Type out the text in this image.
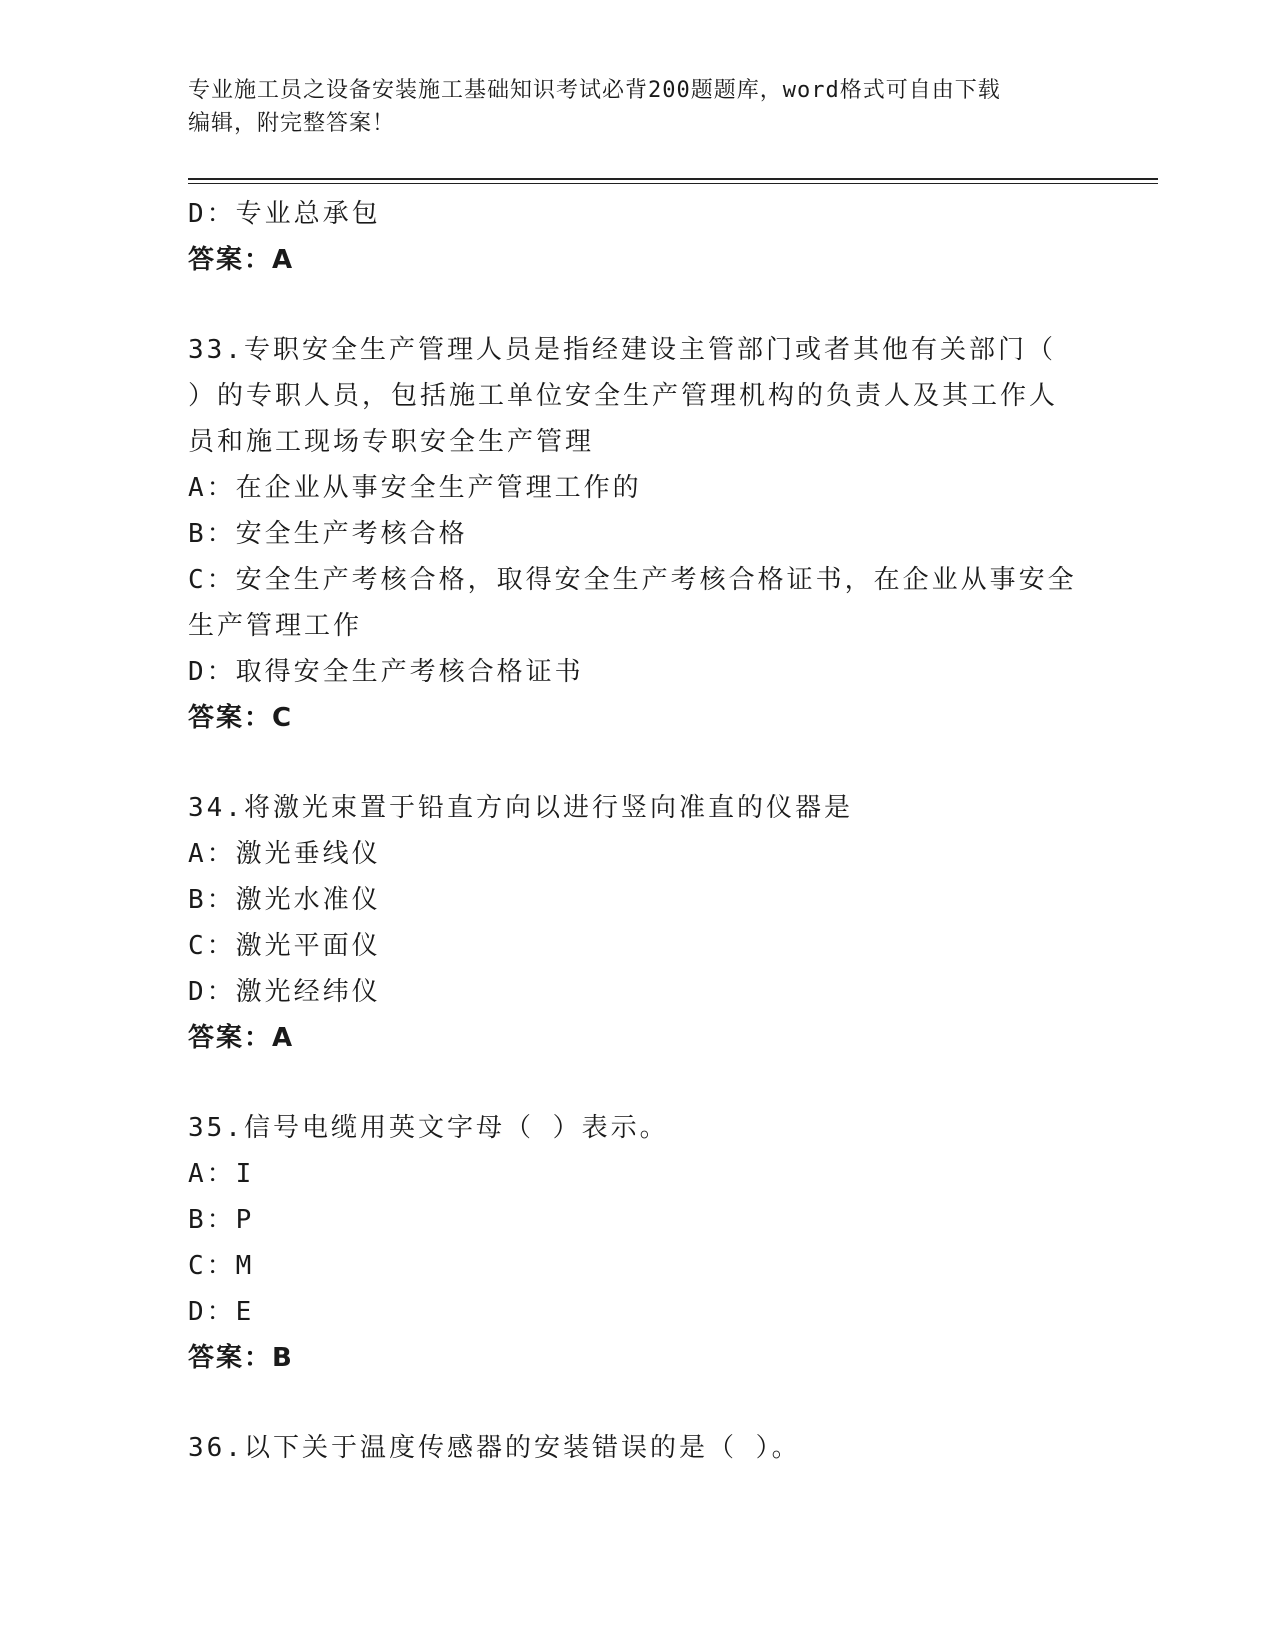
专业施工员之设备安装施工基础知识考试必背200题题库，word格式可自由下载
编辑，附完整答案！
D：专业总承包
答案：A
33.专职安全生产管理人员是指经建设主管部门或者其他有关部门（
）的专职人员，包括施工单位安全生产管理机构的负责人及其工作人
员和施工现场专职安全生产管理
A：在企业从事安全生产管理工作的
B：安全生产考核合格
C：安全生产考核合格，取得安全生产考核合格证书，在企业从事安全
生产管理工作
D：取得安全生产考核合格证书
答案：C
34.将激光束置于铅直方向以进行竖向准直的仪器是
A：激光垂线仪
B：激光水准仪
C：激光平面仪
D：激光经纬仪
答案：A
35.信号电缆用英文字母（ ）表示。
A：I
B：P
C：M
D：E
答案：B
36.以下关于温度传感器的安装错误的是（ ）。
